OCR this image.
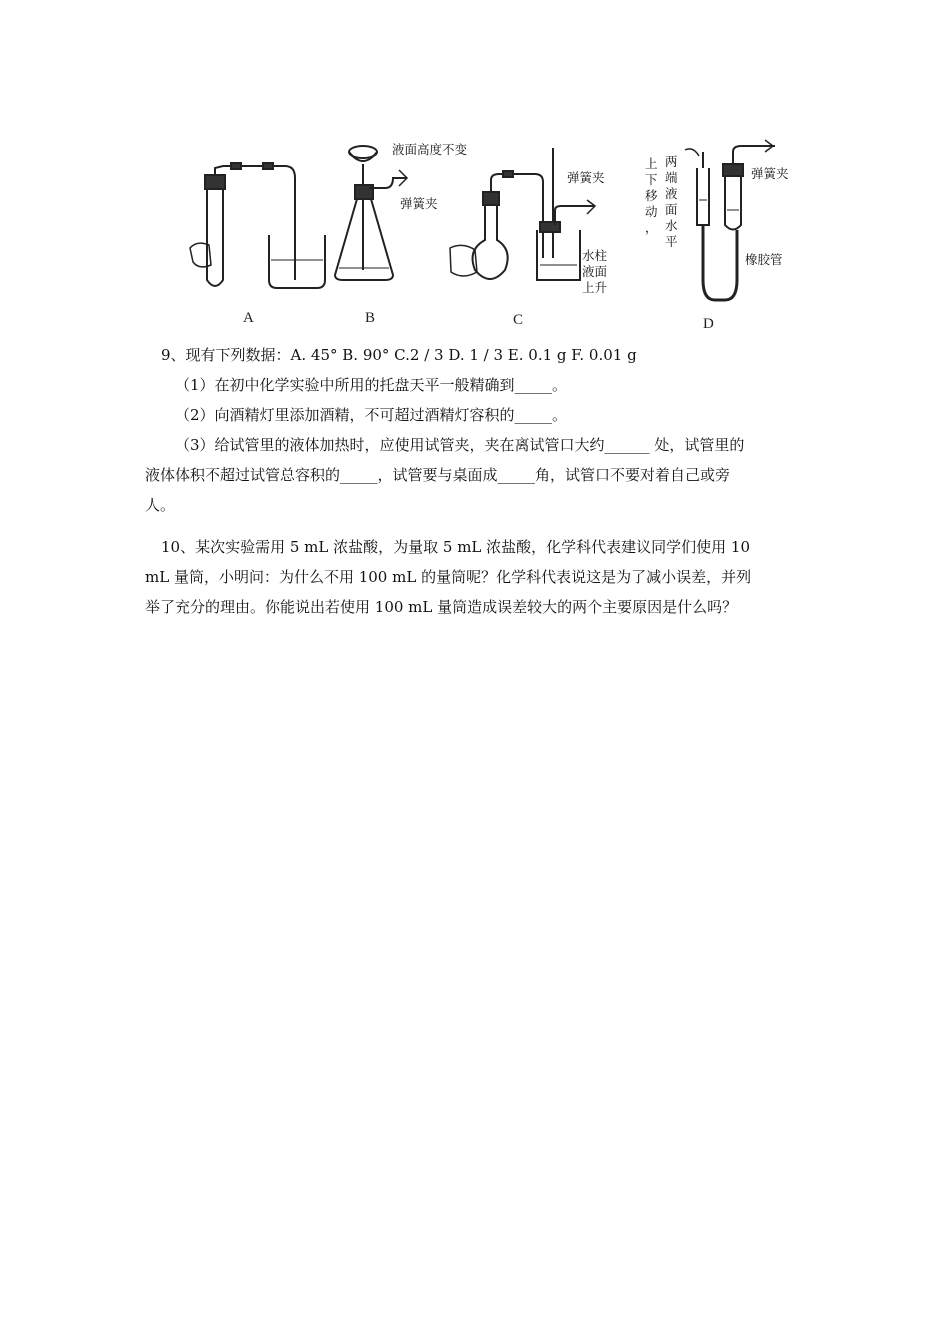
A	B	C	D
液面高度不变
弹簧夹
弹簧夹
水柱
液面
上升
弹簧夹
橡胶管
上
下
移
动
，
两
端
液
面
水
平
9、现有下列数据：A. 45° B. 90° C.2 / 3 D. 1 / 3 E. 0.1 g F. 0.01 g
（1）在初中化学实验中所用的托盘天平一般精确到_____。
（2）向酒精灯里添加酒精，不可超过酒精灯容积的_____。
（3）给试管里的液体加热时，应使用试管夹，夹在离试管口大约______ 处，试管里的
液体体积不超过试管总容积的_____，试管要与桌面成_____角，试管口不要对着自己或旁
人。
10、某次实验需用 5 mL 浓盐酸，为量取 5 mL 浓盐酸，化学科代表建议同学们使用 10
mL 量筒，小明问：为什么不用 100 mL 的量筒呢？化学科代表说这是为了减小误差，并列
举了充分的理由。你能说出若使用 100 mL 量筒造成误差较大的两个主要原因是什么吗？
